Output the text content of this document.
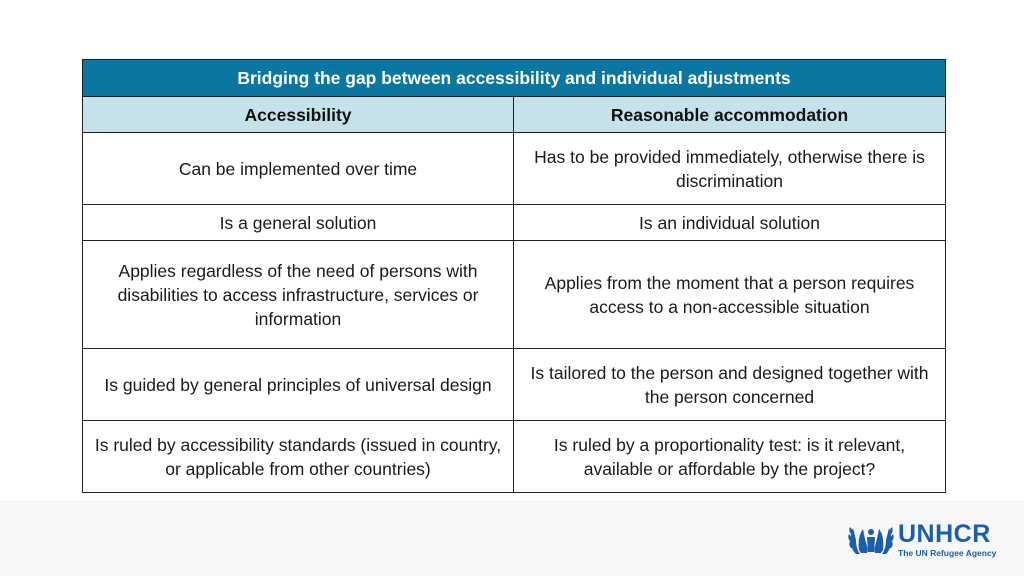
Bridging the gap between accessibility and individual adjustments	
Accessibility	Reasonable accommodation
Can be implemented over time	Has to be provided immediately, otherwise there is discrimination
Is a general solution	Is an individual solution
Applies regardless of the need of persons with disabilities to access infrastructure, services or information	Applies from the moment that a person requires access to a non-accessible situation
Is guided by general principles of universal design	Is tailored to the person and designed together with the person concerned
Is ruled by accessibility standards (issued in country, or applicable from other countries)	Is ruled by a proportionality test: is it relevant, available or affordable by the project?
UNHCR
The UN Refugee Agency
